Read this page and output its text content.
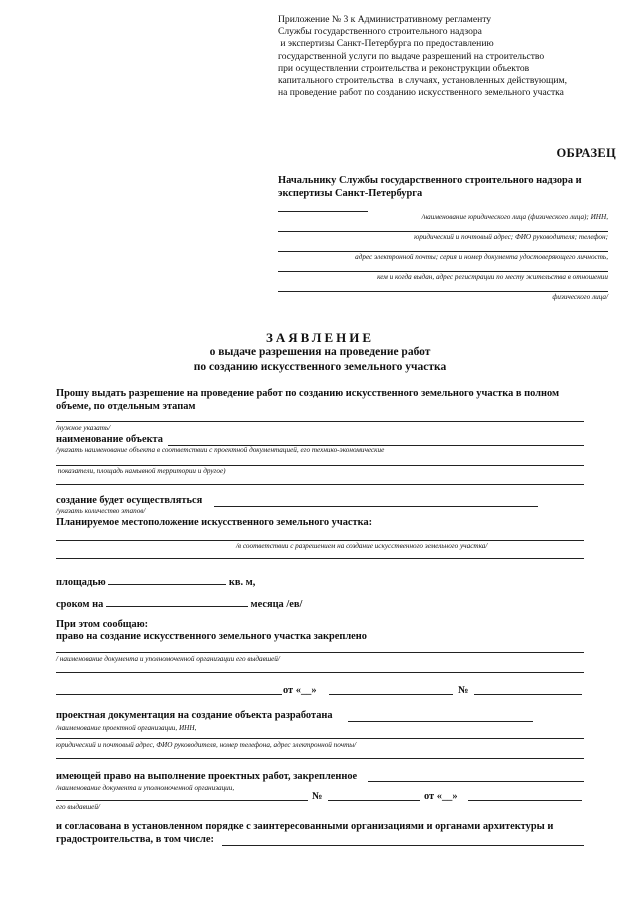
Приложение № 3 к Административному регламенту
Службы государственного строительного надзора
и экспертизы Санкт-Петербурга по предоставлению
государственной услуги по выдаче разрешений на строительство
при осуществлении строительства и реконструкции объектов
капитального строительства  в случаях, установленных действующим,
на проведение работ по созданию искусственного земельного участка
ОБРАЗЕЦ
Начальнику Службы государственного строительного надзора и экспертизы Санкт-Петербурга
/наименование юридического лица (физического лица); ИНН,
юридический и почтовый адрес; ФИО руководителя; телефон;
адрес электронной почты; серия и номер документа удостоверяющего личность,
кем и когда выдан, адрес регистрации по месту жительства в отношении
физического лица/
ЗАЯВЛЕНИЕ
о выдаче разрешения на проведение работ
по созданию искусственного земельного участка
Прошу выдать разрешение на проведение работ по созданию искусственного земельного участка в полном
объеме, по отдельным этапам
/нужное указать/
наименование объекта
/указать наименование объекта в соответствии с проектной документацией, его технико-экономические
показатели, площадь намывной территории и другое)
создание будет осуществляться
/указать количество этапов/
Планируемое местоположение искусственного земельного участка:
/в соответствии с разрешением на создание искусственного земельного участка/
площадью	кв. м,
сроком на	месяца /ев/
При этом сообщаю:
право на создание искусственного земельного участка закреплено
/ наименование документа и уполномоченной организации его выдавшей/
от «__»	№
проектная документация на создание объекта разработана
/наименование проектной организации, ИНН,
юридический и почтовый адрес, ФИО руководителя, номер телефона, адрес электронной почты/
имеющей право на выполнение проектных работ, закрепленное
/наименование документа и уполномоченной организации,
№	от «__»
его выдавшей/
и согласована в установленном порядке с заинтересованными организациями и органами архитектуры и
градостроительства, в том числе:
